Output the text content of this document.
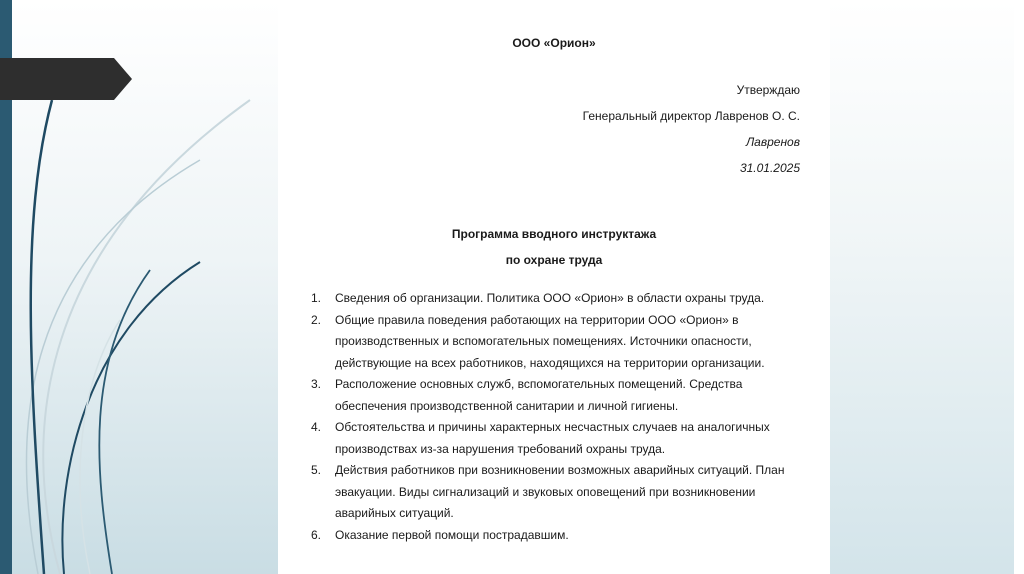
ООО «Орион»
Утверждаю
Генеральный директор Лавренов О. С.
Лавренов
31.01.2025
Программа вводного инструктажа
по охране труда
1. Сведения об организации. Политика ООО «Орион» в области охраны труда.
2. Общие правила поведения работающих на территории ООО «Орион» в производственных и вспомогательных помещениях. Источники опасности, действующие на всех работников, находящихся на территории организации.
3. Расположение основных служб, вспомогательных помещений. Средства обеспечения производственной санитарии и личной гигиены.
4. Обстоятельства и причины характерных несчастных случаев на аналогичных производствах из-за нарушения требований охраны труда.
5. Действия работников при возникновении возможных аварийных ситуаций. План эвакуации. Виды сигнализаций и звуковых оповещений при возникновении аварийных ситуаций.
6. Оказание первой помощи пострадавшим.
